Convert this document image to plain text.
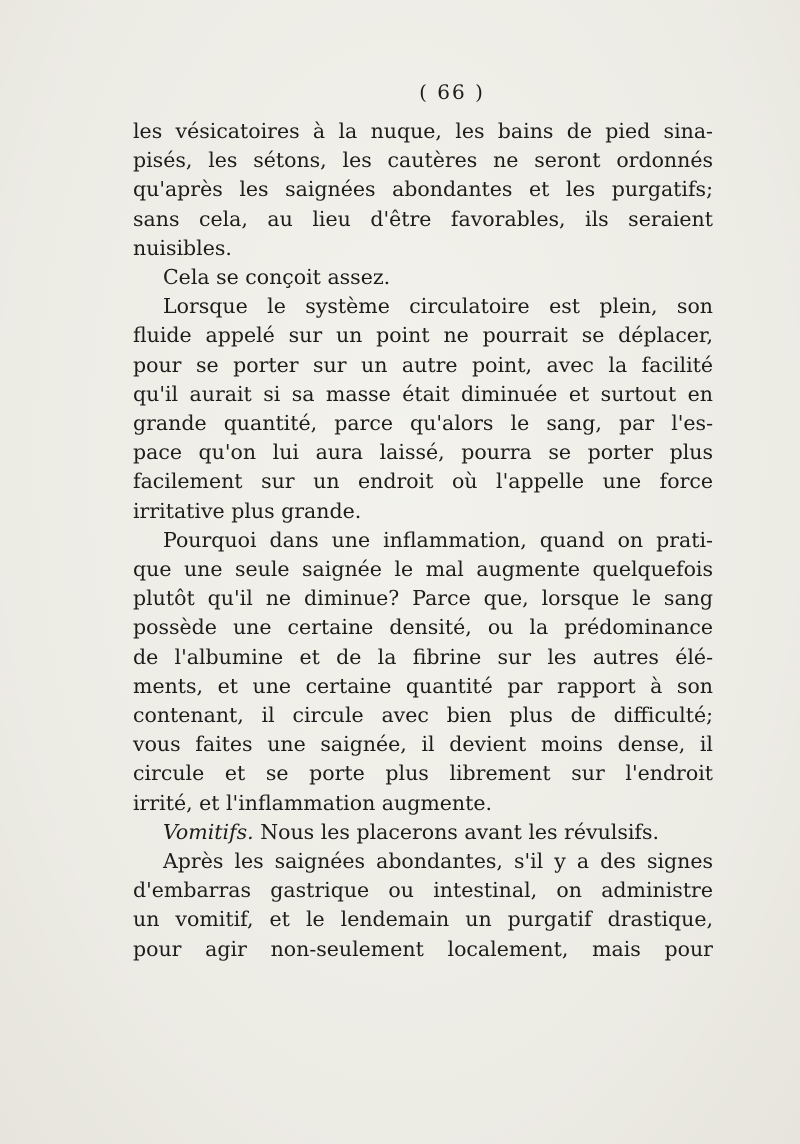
( 66 )

les vésicatoires à la nuque, les bains de pied sina-
pisés, les sétons, les cautères ne seront ordonnés
qu'après les saignées abondantes et les purgatifs;
sans cela, au lieu d'être favorables, ils seraient
nuisibles.

Cela se conçoit assez.

Lorsque le système circulatoire est plein, son
fluide appelé sur un point ne pourrait se déplacer,
pour se porter sur un autre point, avec la facilité
qu'il aurait si sa masse était diminuée et surtout en
grande quantité, parce qu'alors le sang, par l'es-
pace qu'on lui aura laissé, pourra se porter plus
facilement sur un endroit où l'appelle une force
irritative plus grande.

Pourquoi dans une inflammation, quand on prati-
que une seule saignée le mal augmente quelquefois
plutôt qu'il ne diminue? Parce que, lorsque le sang
possède une certaine densité, ou la prédominance
de l'albumine et de la fibrine sur les autres élé-
ments, et une certaine quantité par rapport à son
contenant, il circule avec bien plus de difficulté;
vous faites une saignée, il devient moins dense, il
circule et se porte plus librement sur l'endroit
irrité, et l'inflammation augmente.

Vomitifs. Nous les placerons avant les révulsifs.

Après les saignées abondantes, s'il y a des signes
d'embarras gastrique ou intestinal, on administre
un vomitif, et le lendemain un purgatif drastique,
pour agir non-seulement localement, mais pour
